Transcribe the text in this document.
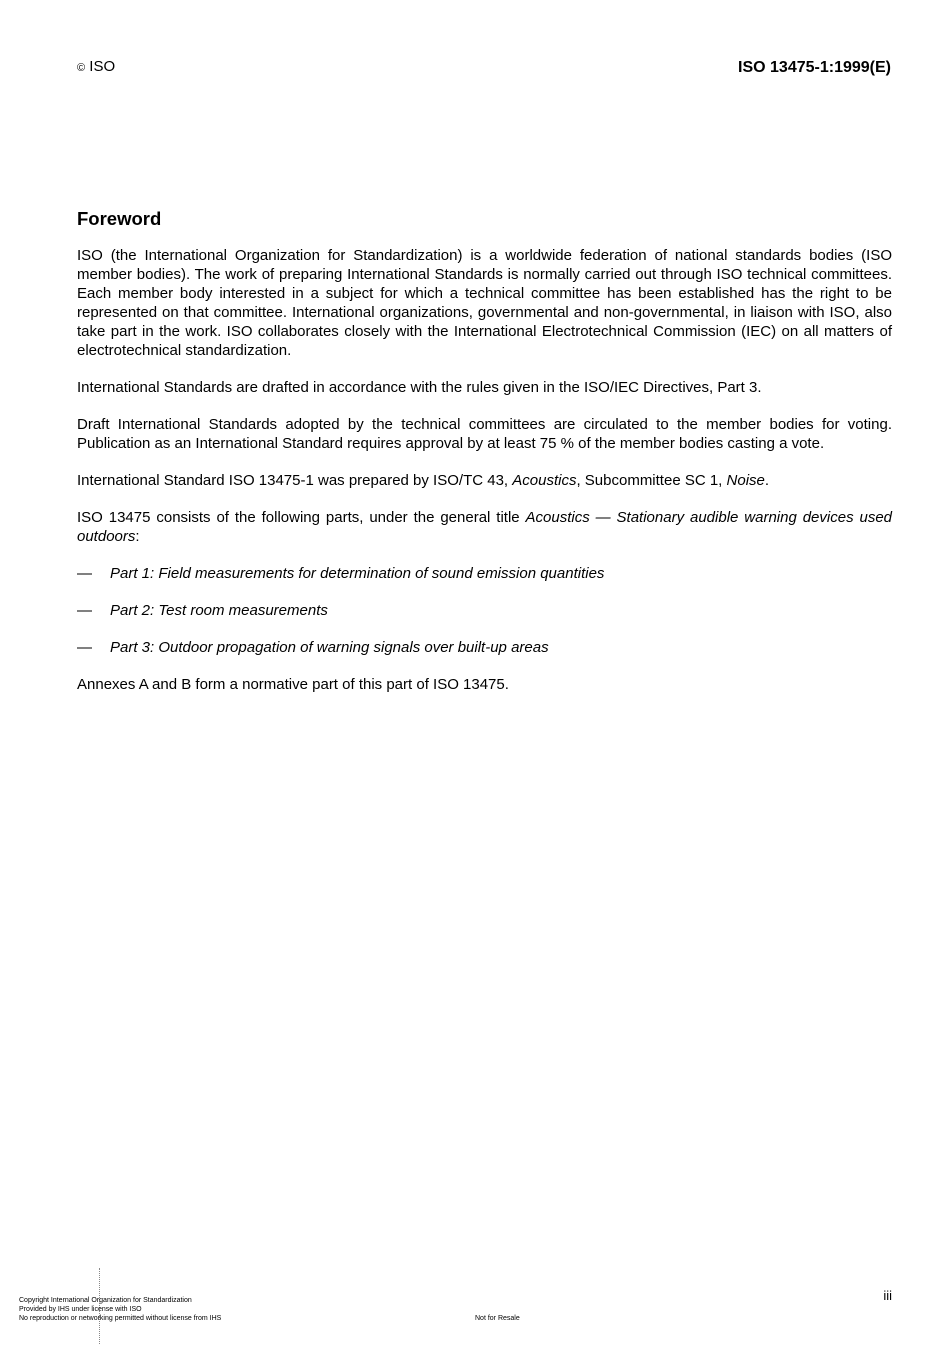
© ISO	ISO 13475-1:1999(E)
Foreword

ISO (the International Organization for Standardization) is a worldwide federation of national standards bodies (ISO member bodies). The work of preparing International Standards is normally carried out through ISO technical committees. Each member body interested in a subject for which a technical committee has been established has the right to be represented on that committee. International organizations, governmental and non-governmental, in liaison with ISO, also take part in the work. ISO collaborates closely with the International Electrotechnical Commission (IEC) on all matters of electrotechnical standardization.

International Standards are drafted in accordance with the rules given in the ISO/IEC Directives, Part 3.

Draft International Standards adopted by the technical committees are circulated to the member bodies for voting. Publication as an International Standard requires approval by at least 75 % of the member bodies casting a vote.

International Standard ISO 13475-1 was prepared by ISO/TC 43, Acoustics, Subcommittee SC 1, Noise.

ISO 13475 consists of the following parts, under the general title Acoustics — Stationary audible warning devices used outdoors:

— Part 1: Field measurements for determination of sound emission quantities
— Part 2: Test room measurements
— Part 3: Outdoor propagation of warning signals over built-up areas

Annexes A and B form a normative part of this part of ISO 13475.

iii
Copyright International Organization for Standardization
Provided by IHS under license with ISO
No reproduction or networking permitted without license from IHS	Not for Resale
